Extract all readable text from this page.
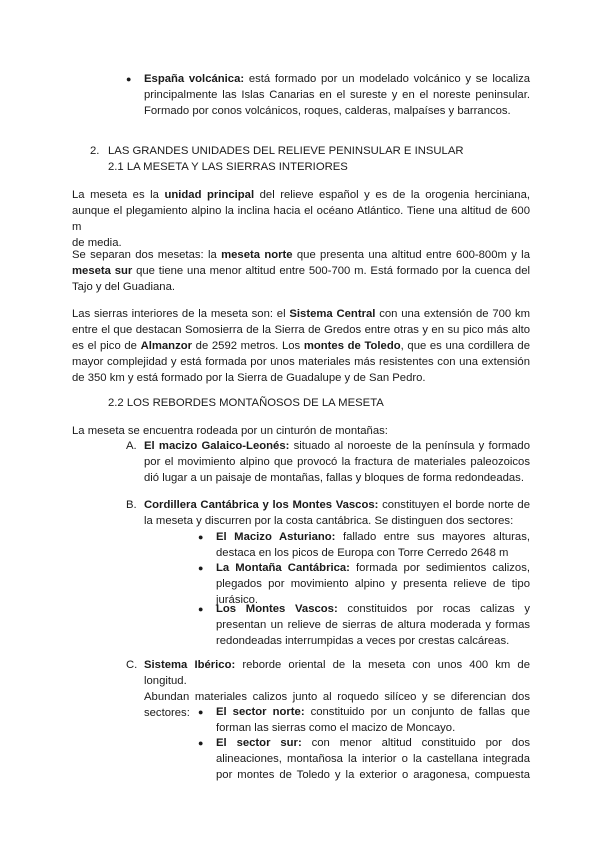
● España volcánica: está formado por un modelado volcánico y se localiza

principalmente las Islas Canarias en el sureste y en el noreste peninsular.

Formado por conos volcánicos, roques, calderas, malpaíses y barrancos.

2. LAS GRANDES UNIDADES DEL RELIEVE PENINSULAR E INSULAR
2.1 LA MESETA Y LAS SIERRAS INTERIORES

La meseta es la unidad principal del relieve español y es de la orogenia herciniana,

aunque el plegamiento alpino la inclina hacia el océano Atlántico. Tiene una altitud de 600 m

de media.

Se separan dos mesetas: la meseta norte que presenta una altitud entre 600-800m y la

meseta sur que tiene una menor altitud entre 500-700 m. Está formado por la cuenca del

Tajo y del Guadiana.

Las sierras interiores de la meseta son: el Sistema Central con una extensión de 700 km

entre el que destacan Somosierra de la Sierra de Gredos entre otras y en su pico más alto

es el pico de Almanzor de 2592 metros. Los montes de Toledo, que es una cordillera de

mayor complejidad y está formada por unos materiales más resistentes con una extensión

de 350 km y está formado por la Sierra de Guadalupe y de San Pedro.

2.2 LOS REBORDES MONTAÑOSOS DE LA MESETA
La meseta se encuentra rodeada por un cinturón de montañas:
A. El macizo Galaico-Leonés: situado al noroeste de la península y formado

por el movimiento alpino que provocó la fractura de materiales paleozoicos

dió lugar a un paisaje de montañas, fallas y bloques de forma redondeadas.

B. Cordillera Cantábrica y los Montes Vascos: constituyen el borde norte de

la meseta y discurren por la costa cantábrica. Se distinguen dos sectores:

● El Macizo Asturiano: fallado entre sus mayores alturas,

destaca en los picos de Europa con Torre Cerredo 2648 m

● La Montaña Cantábrica: formada por sedimientos calizos,

plegados por movimiento alpino y presenta relieve de tipo

jurásico.

● Los Montes Vascos: constituidos por rocas calizas y

presentan un relieve de sierras de altura moderada y formas

redondeadas interrumpidas a veces por crestas calcáreas.

C. Sistema Ibérico: reborde oriental de la meseta con unos 400 km de longitud.

Abundan materiales calizos junto al roquedo silíceo y se diferencian dos

sectores: ● El sector norte: constituido por un conjunto de fallas que

forman las sierras como el macizo de Moncayo.

● El sector sur: con menor altitud constituido por dos

alineaciones, montañosa la interior o la castellana integrada

por montes de Toledo y la exterior o aragonesa, compuesta
